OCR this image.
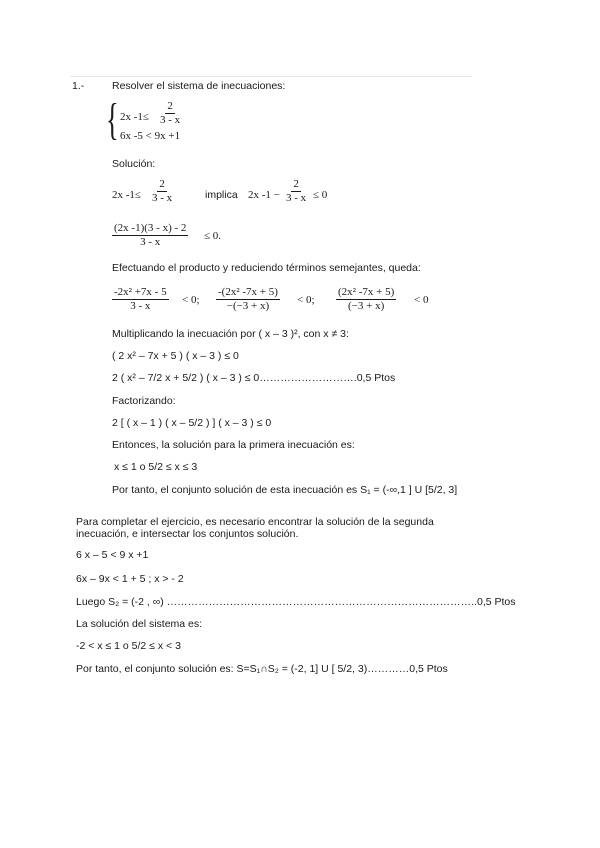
1.-	Resolver el sistema de inecuaciones:
{ 2x $-1\le \frac{2}{3 - x}$
6x -5 < 9x +1
Solución:
2x $-1\le \frac{2}{3 - x}$	implica 2x $-1 - \frac{2}{3 - x} \le 0$
$\frac{(2x -1)(3 - x) - 2}{3 - x} \le 0$.
Efectuando el producto y reduciendo términos semejantes, queda:
$\frac{\text{-2x² +7x - 5}}{3 - x} < 0$; $\frac{\text{-(2x² -7x + 5)}}{-(-3 + x)} < 0$; $\frac{\text{(2x² -7x + 5)}}{(-3 + x)} < 0$
Multiplicando la inecuación por ( x – 3 )², con x ≠ 3:
( 2 x² – 7x + 5 ) ( x – 3 ) ≤ 0
2 ( x² – 7/2 x + 5/2 ) ( x – 3 ) ≤ 0……………………….0,5 Ptos
Factorizando:
2 [ ( x – 1 ) ( x – 5/2 ) ] ( x – 3 ) ≤ 0
Entonces, la solución para la primera inecuación es:
x ≤ 1 o 5/2 ≤ x ≤ 3
Por tanto, el conjunto solución de esta inecuación es S₁ = (-∞,1 ] U [5/2, 3]
Para completar el ejercicio, es necesario encontrar la solución de la segunda
inecuación, e intersectar los conjuntos solución.
6 x – 5 < 9 x +1
6x – 9x < 1 + 5 ; x > - 2
Luego S₂ = (-2 , ∞) ……………………………………………………………………………..0,5 Ptos
La solución del sistema es:
-2 < x ≤ 1 o 5/2 ≤ x < 3
Por tanto, el conjunto solución es: S=S₁∩S₂ = (-2, 1] U [ 5/2, 3)…………0,5 Ptos
